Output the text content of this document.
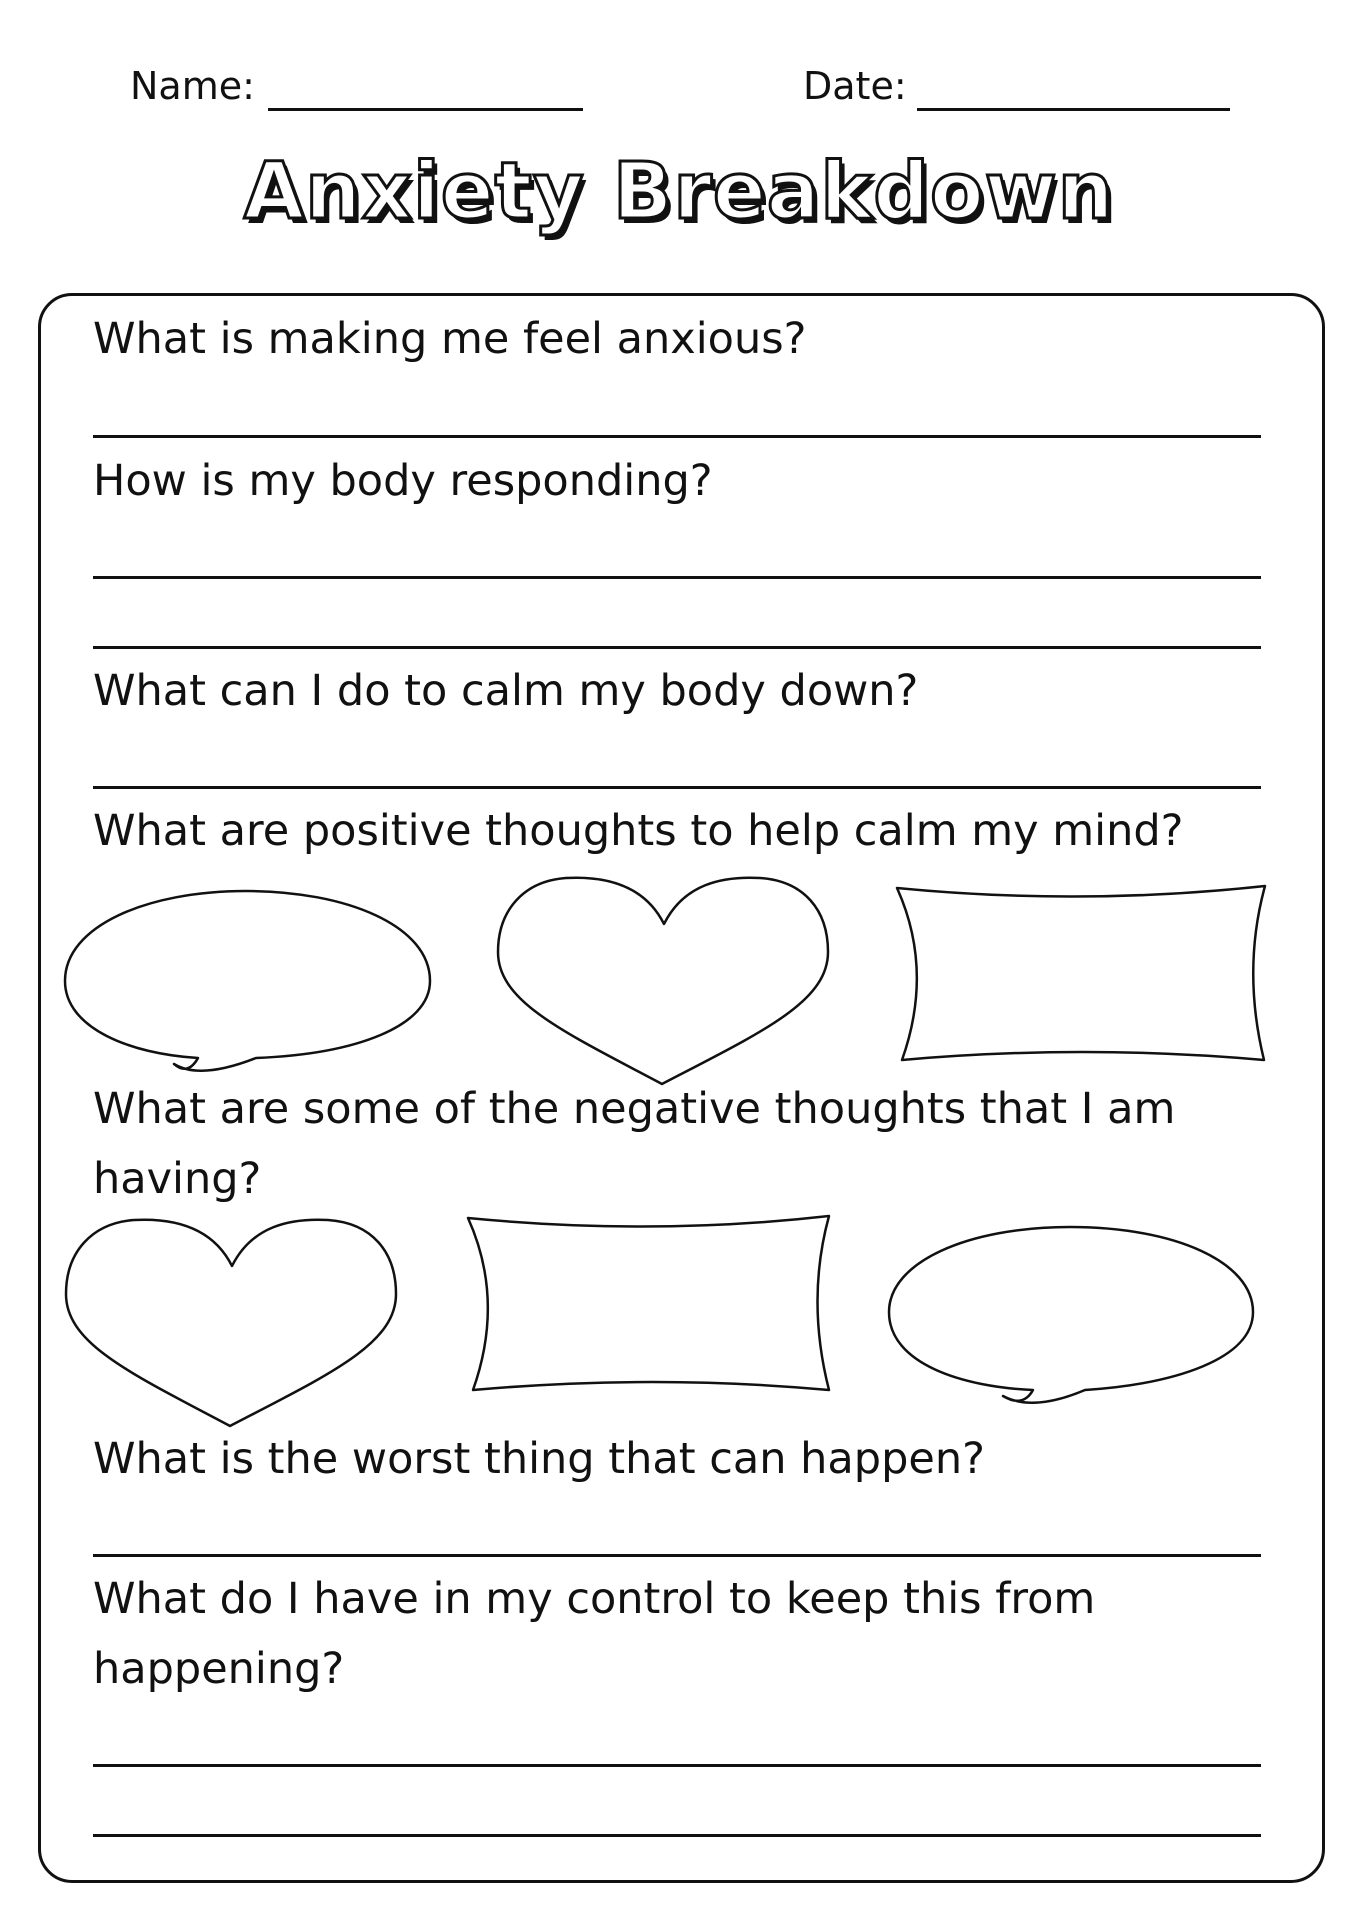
Name:	Date:
Anxiety Breakdown
What is making me feel anxious?
How is my body responding?
What can I do to calm my body down?
What are positive thoughts to help calm my mind?
What are some of the negative thoughts that I am having?
What is the worst thing that can happen?
What do I have in my control to keep this from happening?
